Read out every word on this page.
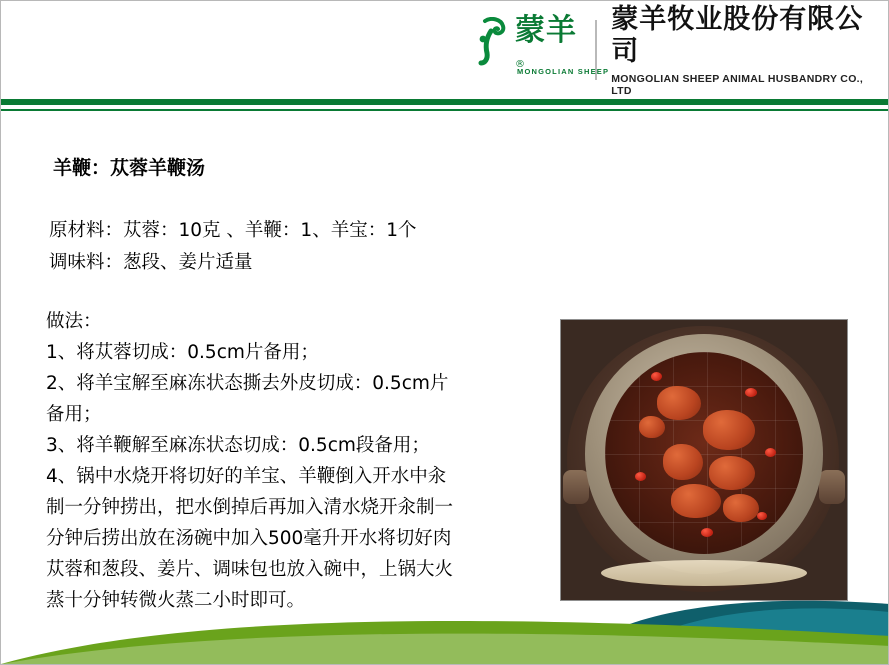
蒙羊®
MONGOLIAN SHEEP
蒙羊牧业股份有限公司
MONGOLIAN SHEEP ANIMAL HUSBANDRY CO., LTD
羊鞭：苁蓉羊鞭汤
原材料：苁蓉：10克 、羊鞭：1、羊宝：1个
调味料：葱段、姜片适量

做法：

1、将苁蓉切成：0.5cm片备用；

2、将羊宝解至麻冻状态撕去外皮切成：0.5cm片

备用；

3、将羊鞭解至麻冻状态切成：0.5cm段备用；

4、锅中水烧开将切好的羊宝、羊鞭倒入开水中汆

制一分钟捞出，把水倒掉后再加入清水烧开汆制一

分钟后捞出放在汤碗中加入500毫升开水将切好肉

苁蓉和葱段、姜片、调味包也放入碗中，上锅大火

蒸十分钟转微火蒸二小时即可。
